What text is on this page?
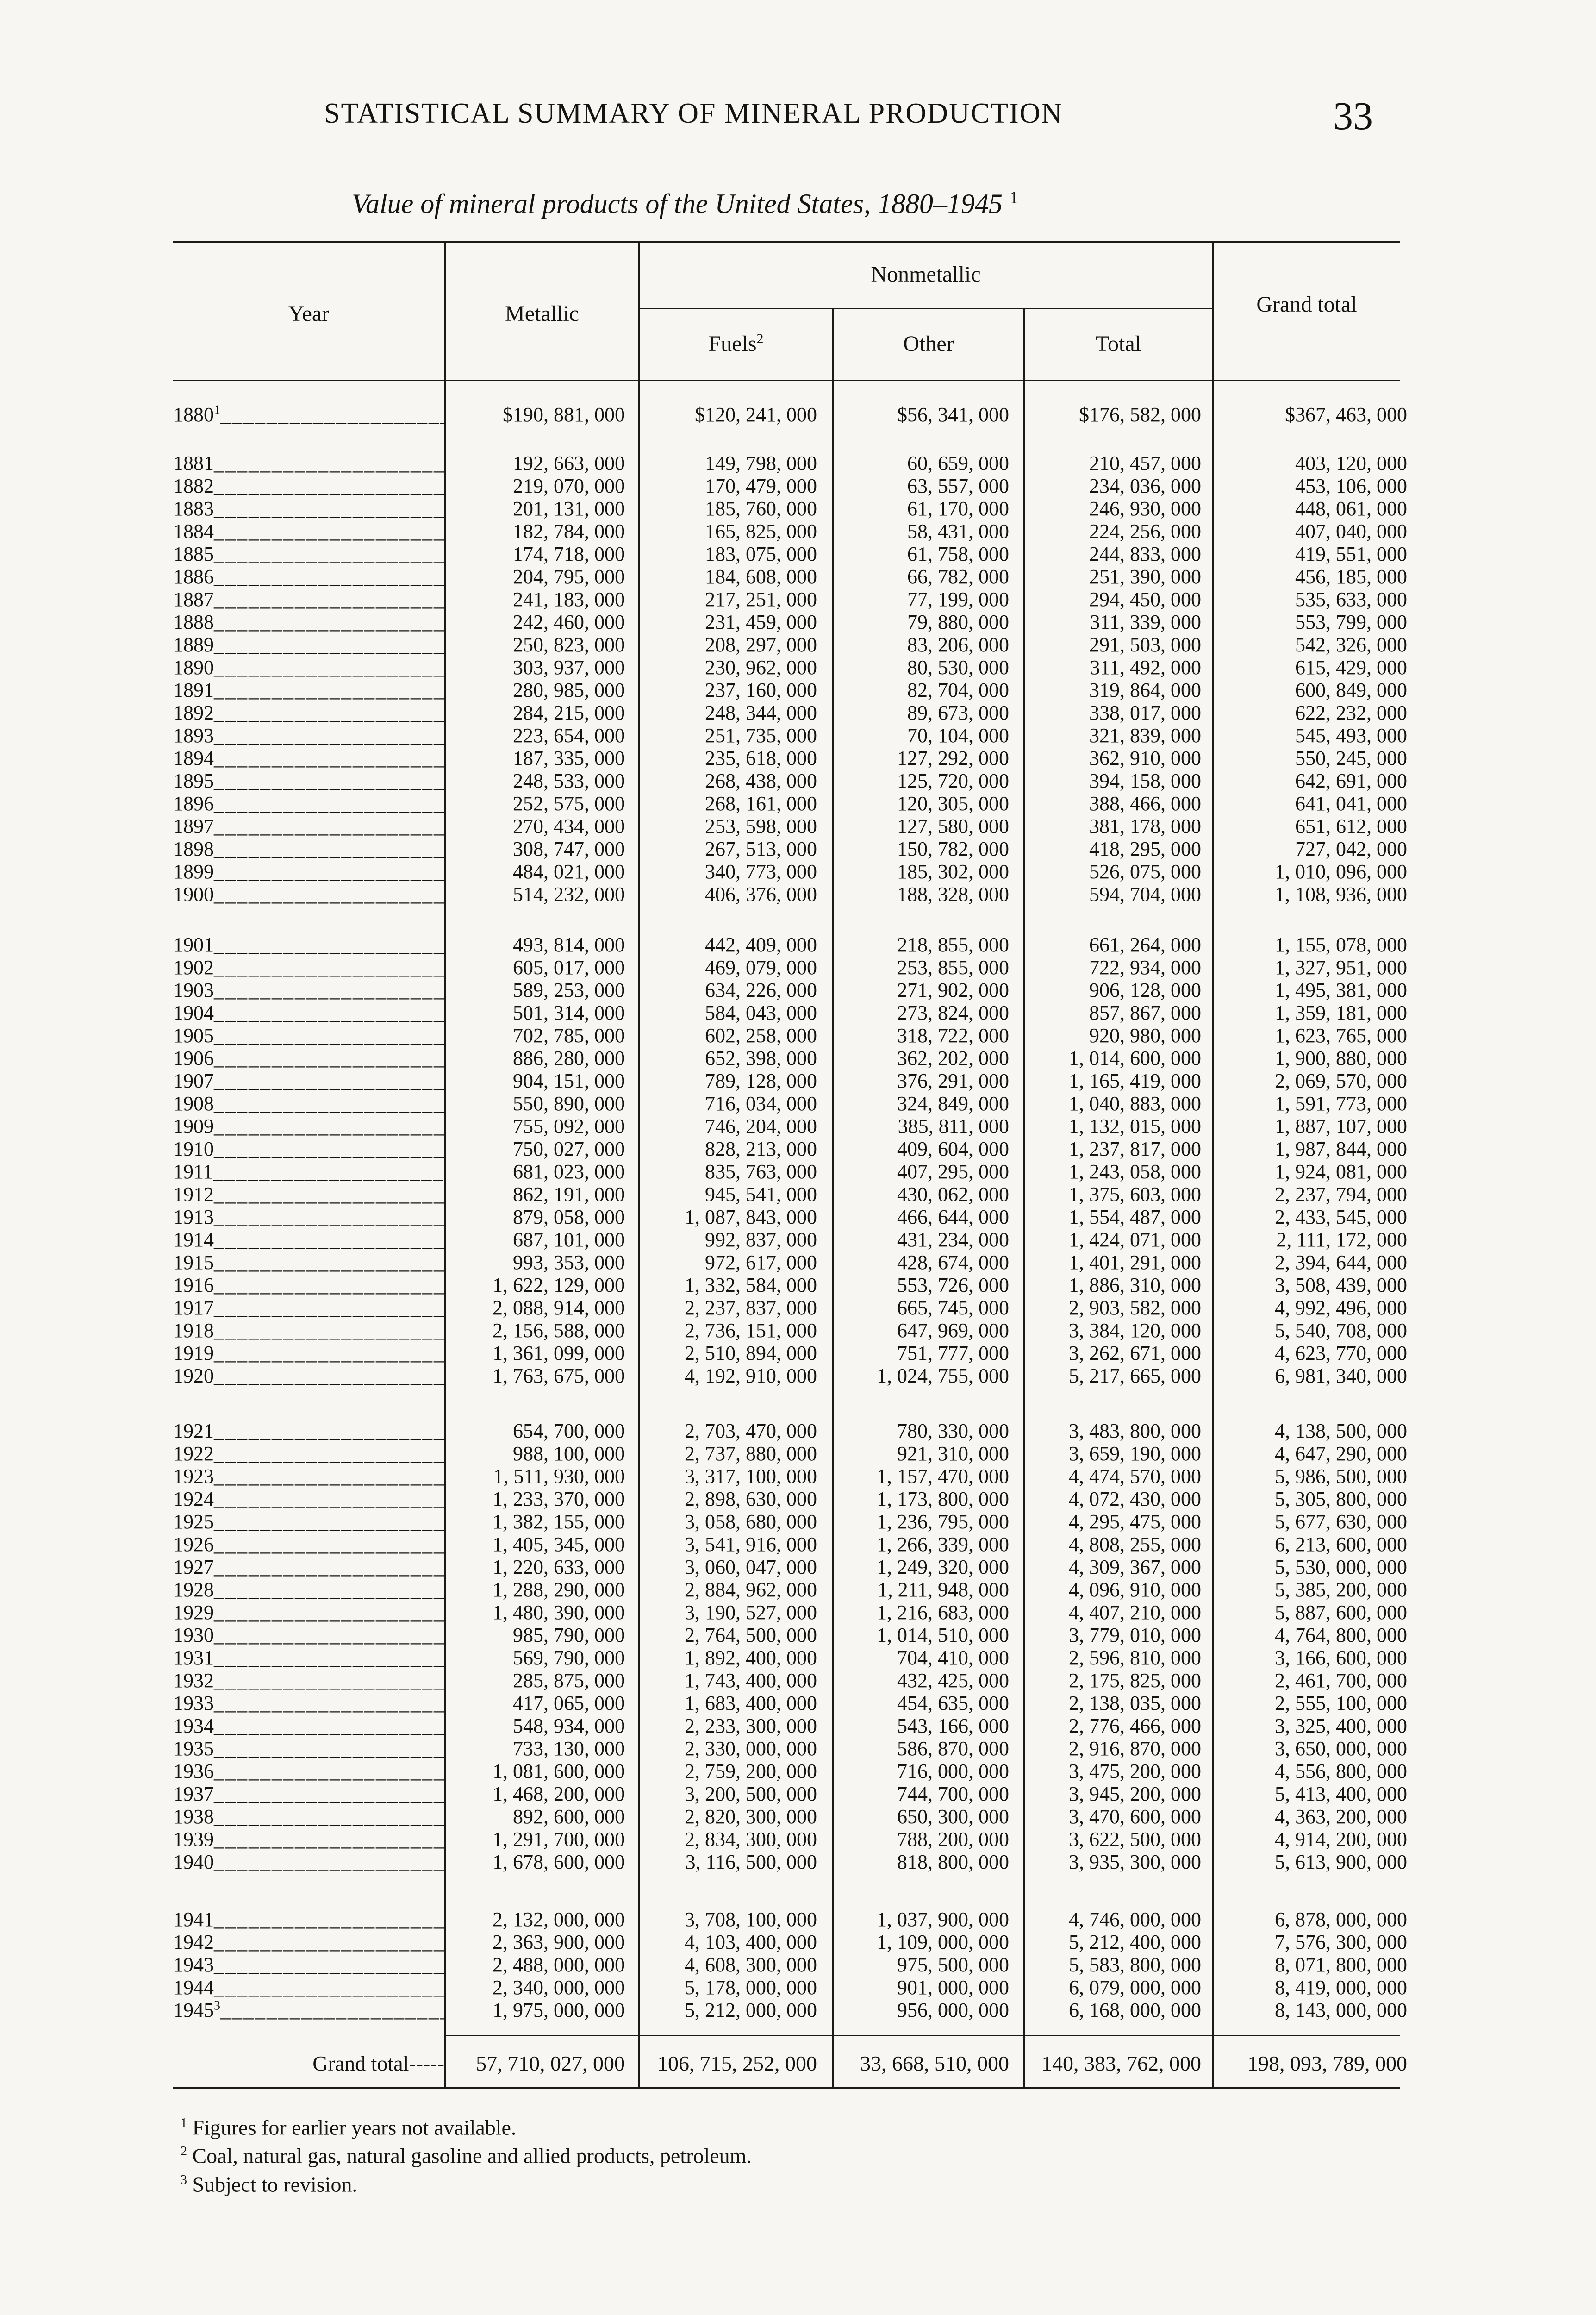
STATISTICAL SUMMARY OF MINERAL PRODUCTION	33
Value of mineral products of the United States, 1880–1945 $^1$
Year	Metallic
Nonmetallic
Fuels$^2$	Other	Total
Grand total
1880$^1$ _____	$190, 881, 000	$120, 241, 000	$56, 341, 000	$176, 582, 000	$367, 463, 000
1881 _____	192, 663, 000	149, 798, 000	60, 659, 000	210, 457, 000	403, 120, 000
1882 _____	219, 070, 000	170, 479, 000	63, 557, 000	234, 036, 000	453, 106, 000
1883 _____	201, 131, 000	185, 760, 000	61, 170, 000	246, 930, 000	448, 061, 000
1884 _____	182, 784, 000	165, 825, 000	58, 431, 000	224, 256, 000	407, 040, 000
1885 _____	174, 718, 000	183, 075, 000	61, 758, 000	244, 833, 000	419, 551, 000
1886 _____	204, 795, 000	184, 608, 000	66, 782, 000	251, 390, 000	456, 185, 000
1887 _____	241, 183, 000	217, 251, 000	77, 199, 000	294, 450, 000	535, 633, 000
1888 _____	242, 460, 000	231, 459, 000	79, 880, 000	311, 339, 000	553, 799, 000
1889 _____	250, 823, 000	208, 297, 000	83, 206, 000	291, 503, 000	542, 326, 000
1890 _____	303, 937, 000	230, 962, 000	80, 530, 000	311, 492, 000	615, 429, 000
1891 _____	280, 985, 000	237, 160, 000	82, 704, 000	319, 864, 000	600, 849, 000
1892 _____	284, 215, 000	248, 344, 000	89, 673, 000	338, 017, 000	622, 232, 000
1893 _____	223, 654, 000	251, 735, 000	70, 104, 000	321, 839, 000	545, 493, 000
1894 _____	187, 335, 000	235, 618, 000	127, 292, 000	362, 910, 000	550, 245, 000
1895 _____	248, 533, 000	268, 438, 000	125, 720, 000	394, 158, 000	642, 691, 000
1896 _____	252, 575, 000	268, 161, 000	120, 305, 000	388, 466, 000	641, 041, 000
1897 _____	270, 434, 000	253, 598, 000	127, 580, 000	381, 178, 000	651, 612, 000
1898 _____	308, 747, 000	267, 513, 000	150, 782, 000	418, 295, 000	727, 042, 000
1899 _____	484, 021, 000	340, 773, 000	185, 302, 000	526, 075, 000	1, 010, 096, 000
1900 _____	514, 232, 000	406, 376, 000	188, 328, 000	594, 704, 000	1, 108, 936, 000
1901 _____	493, 814, 000	442, 409, 000	218, 855, 000	661, 264, 000	1, 155, 078, 000
1902 _____	605, 017, 000	469, 079, 000	253, 855, 000	722, 934, 000	1, 327, 951, 000
1903 _____	589, 253, 000	634, 226, 000	271, 902, 000	906, 128, 000	1, 495, 381, 000
1904 _____	501, 314, 000	584, 043, 000	273, 824, 000	857, 867, 000	1, 359, 181, 000
1905 _____	702, 785, 000	602, 258, 000	318, 722, 000	920, 980, 000	1, 623, 765, 000
1906 _____	886, 280, 000	652, 398, 000	362, 202, 000	1, 014, 600, 000	1, 900, 880, 000
1907 _____	904, 151, 000	789, 128, 000	376, 291, 000	1, 165, 419, 000	2, 069, 570, 000
1908 _____	550, 890, 000	716, 034, 000	324, 849, 000	1, 040, 883, 000	1, 591, 773, 000
1909 _____	755, 092, 000	746, 204, 000	385, 811, 000	1, 132, 015, 000	1, 887, 107, 000
1910 _____	750, 027, 000	828, 213, 000	409, 604, 000	1, 237, 817, 000	1, 987, 844, 000
1911 _____	681, 023, 000	835, 763, 000	407, 295, 000	1, 243, 058, 000	1, 924, 081, 000
1912 _____	862, 191, 000	945, 541, 000	430, 062, 000	1, 375, 603, 000	2, 237, 794, 000
1913 _____	879, 058, 000	1, 087, 843, 000	466, 644, 000	1, 554, 487, 000	2, 433, 545, 000
1914 _____	687, 101, 000	992, 837, 000	431, 234, 000	1, 424, 071, 000	2, 111, 172, 000
1915 _____	993, 353, 000	972, 617, 000	428, 674, 000	1, 401, 291, 000	2, 394, 644, 000
1916 _____	1, 622, 129, 000	1, 332, 584, 000	553, 726, 000	1, 886, 310, 000	3, 508, 439, 000
1917 _____	2, 088, 914, 000	2, 237, 837, 000	665, 745, 000	2, 903, 582, 000	4, 992, 496, 000
1918 _____	2, 156, 588, 000	2, 736, 151, 000	647, 969, 000	3, 384, 120, 000	5, 540, 708, 000
1919 _____	1, 361, 099, 000	2, 510, 894, 000	751, 777, 000	3, 262, 671, 000	4, 623, 770, 000
1920 _____	1, 763, 675, 000	4, 192, 910, 000	1, 024, 755, 000	5, 217, 665, 000	6, 981, 340, 000
1921 _____	654, 700, 000	2, 703, 470, 000	780, 330, 000	3, 483, 800, 000	4, 138, 500, 000
1922 _____	988, 100, 000	2, 737, 880, 000	921, 310, 000	3, 659, 190, 000	4, 647, 290, 000
1923 _____	1, 511, 930, 000	3, 317, 100, 000	1, 157, 470, 000	4, 474, 570, 000	5, 986, 500, 000
1924 _____	1, 233, 370, 000	2, 898, 630, 000	1, 173, 800, 000	4, 072, 430, 000	5, 305, 800, 000
1925 _____	1, 382, 155, 000	3, 058, 680, 000	1, 236, 795, 000	4, 295, 475, 000	5, 677, 630, 000
1926 _____	1, 405, 345, 000	3, 541, 916, 000	1, 266, 339, 000	4, 808, 255, 000	6, 213, 600, 000
1927 _____	1, 220, 633, 000	3, 060, 047, 000	1, 249, 320, 000	4, 309, 367, 000	5, 530, 000, 000
1928 _____	1, 288, 290, 000	2, 884, 962, 000	1, 211, 948, 000	4, 096, 910, 000	5, 385, 200, 000
1929 _____	1, 480, 390, 000	3, 190, 527, 000	1, 216, 683, 000	4, 407, 210, 000	5, 887, 600, 000
1930 _____	985, 790, 000	2, 764, 500, 000	1, 014, 510, 000	3, 779, 010, 000	4, 764, 800, 000
1931 _____	569, 790, 000	1, 892, 400, 000	704, 410, 000	2, 596, 810, 000	3, 166, 600, 000
1932 _____	285, 875, 000	1, 743, 400, 000	432, 425, 000	2, 175, 825, 000	2, 461, 700, 000
1933 _____	417, 065, 000	1, 683, 400, 000	454, 635, 000	2, 138, 035, 000	2, 555, 100, 000
1934 _____	548, 934, 000	2, 233, 300, 000	543, 166, 000	2, 776, 466, 000	3, 325, 400, 000
1935 _____	733, 130, 000	2, 330, 000, 000	586, 870, 000	2, 916, 870, 000	3, 650, 000, 000
1936 _____	1, 081, 600, 000	2, 759, 200, 000	716, 000, 000	3, 475, 200, 000	4, 556, 800, 000
1937 _____	1, 468, 200, 000	3, 200, 500, 000	744, 700, 000	3, 945, 200, 000	5, 413, 400, 000
1938 _____	892, 600, 000	2, 820, 300, 000	650, 300, 000	3, 470, 600, 000	4, 363, 200, 000
1939 _____	1, 291, 700, 000	2, 834, 300, 000	788, 200, 000	3, 622, 500, 000	4, 914, 200, 000
1940 _____	1, 678, 600, 000	3, 116, 500, 000	818, 800, 000	3, 935, 300, 000	5, 613, 900, 000
1941 _____	2, 132, 000, 000	3, 708, 100, 000	1, 037, 900, 000	4, 746, 000, 000	6, 878, 000, 000
1942 _____	2, 363, 900, 000	4, 103, 400, 000	1, 109, 000, 000	5, 212, 400, 000	7, 576, 300, 000
1943 _____	2, 488, 000, 000	4, 608, 300, 000	975, 500, 000	5, 583, 800, 000	8, 071, 800, 000
1944 _____	2, 340, 000, 000	5, 178, 000, 000	901, 000, 000	6, 079, 000, 000	8, 419, 000, 000
1945$^3$ _____	1, 975, 000, 000	5, 212, 000, 000	956, 000, 000	6, 168, 000, 000	8, 143, 000, 000
Grand total -----	57, 710, 027, 000	106, 715, 252, 000	33, 668, 510, 000	140, 383, 762, 000	198, 093, 789, 000
$^1$ Figures for earlier years not available.
$^2$ Coal, natural gas, natural gasoline and allied products, petroleum.
$^3$ Subject to revision.
